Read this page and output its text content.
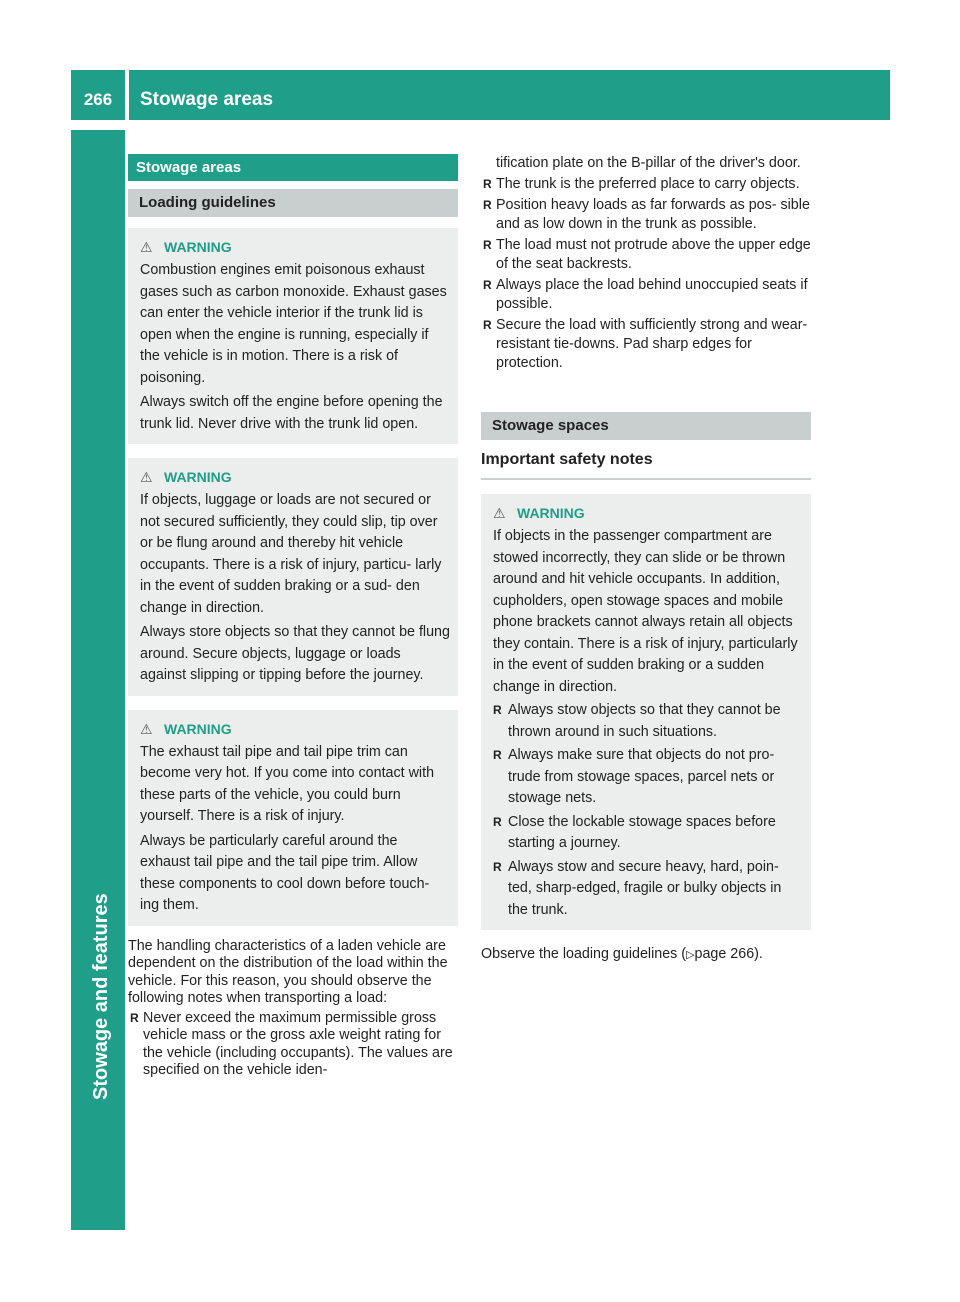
266	Stowage areas
Stowage and features
Stowage areas
Loading guidelines
⚠ WARNING

Combustion engines emit poisonous exhaust gases such as carbon monoxide. Exhaust gases can enter the vehicle interior if the trunk lid is open when the engine is running, especially if the vehicle is in motion. There is a risk of poisoning.

Always switch off the engine before opening the trunk lid. Never drive with the trunk lid open.

⚠ WARNING

If objects, luggage or loads are not secured or not secured sufficiently, they could slip, tip over or be flung around and thereby hit vehicle occupants. There is a risk of injury, particu- larly in the event of sudden braking or a sud- den change in direction.

Always store objects so that they cannot be flung around. Secure objects, luggage or loads against slipping or tipping before the journey.

⚠ WARNING

The exhaust tail pipe and tail pipe trim can become very hot. If you come into contact with these parts of the vehicle, you could burn yourself. There is a risk of injury.

Always be particularly careful around the exhaust tail pipe and the tail pipe trim. Allow these components to cool down before touch- ing them.

The handling characteristics of a laden vehicle are dependent on the distribution of the load within the vehicle. For this reason, you should observe the following notes when transporting a load:

R Never exceed the maximum permissible gross vehicle mass or the gross axle weight rating for the vehicle (including occupants). The values are specified on the vehicle iden-
tification plate on the B-pillar of the driver's door.
R The trunk is the preferred place to carry objects.
R Position heavy loads as far forwards as pos- sible and as low down in the trunk as possible.
R The load must not protrude above the upper edge of the seat backrests.
R Always place the load behind unoccupied seats if possible.
R Secure the load with sufficiently strong and wear-resistant tie-downs. Pad sharp edges for protection.
Stowage spaces
Important safety notes
⚠ WARNING

If objects in the passenger compartment are stowed incorrectly, they can slide or be thrown around and hit vehicle occupants. In addition, cupholders, open stowage spaces and mobile phone brackets cannot always retain all objects they contain. There is a risk of injury, particularly in the event of sudden braking or a sudden change in direction.

R Always stow objects so that they cannot be thrown around in such situations.
R Always make sure that objects do not pro- trude from stowage spaces, parcel nets or stowage nets.
R Close the lockable stowage spaces before starting a journey.
R Always stow and secure heavy, hard, poin- ted, sharp-edged, fragile or bulky objects in the trunk.

Observe the loading guidelines (▷page 266).
